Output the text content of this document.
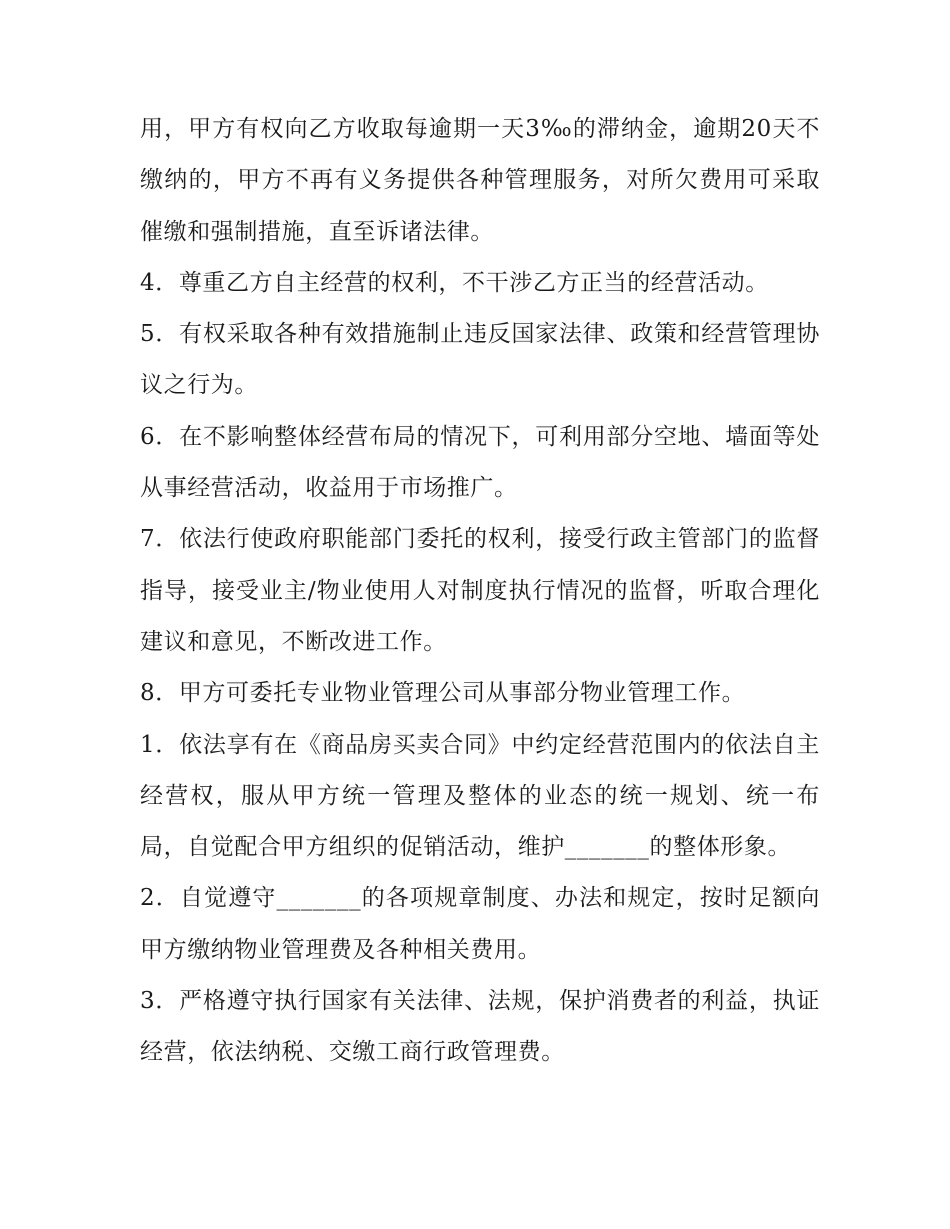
用，甲方有权向乙方收取每逾期一天3‰的滞纳金，逾期20天不缴纳的，甲方不再有义务提供各种管理服务，对所欠费用可采取催缴和强制措施，直至诉诸法律。

4．尊重乙方自主经营的权利，不干涉乙方正当的经营活动。

5．有权采取各种有效措施制止违反国家法律、政策和经营管理协议之行为。

6．在不影响整体经营布局的情况下，可利用部分空地、墙面等处从事经营活动，收益用于市场推广。

7．依法行使政府职能部门委托的权利，接受行政主管部门的监督指导，接受业主/物业使用人对制度执行情况的监督，听取合理化建议和意见，不断改进工作。

8．甲方可委托专业物业管理公司从事部分物业管理工作。

1．依法享有在《商品房买卖合同》中约定经营范围内的依法自主经营权，服从甲方统一管理及整体的业态的统一规划、统一布局，自觉配合甲方组织的促销活动，维护_______的整体形象。

2．自觉遵守_______的各项规章制度、办法和规定，按时足额向甲方缴纳物业管理费及各种相关费用。

3．严格遵守执行国家有关法律、法规，保护消费者的利益，执证经营，依法纳税、交缴工商行政管理费。
